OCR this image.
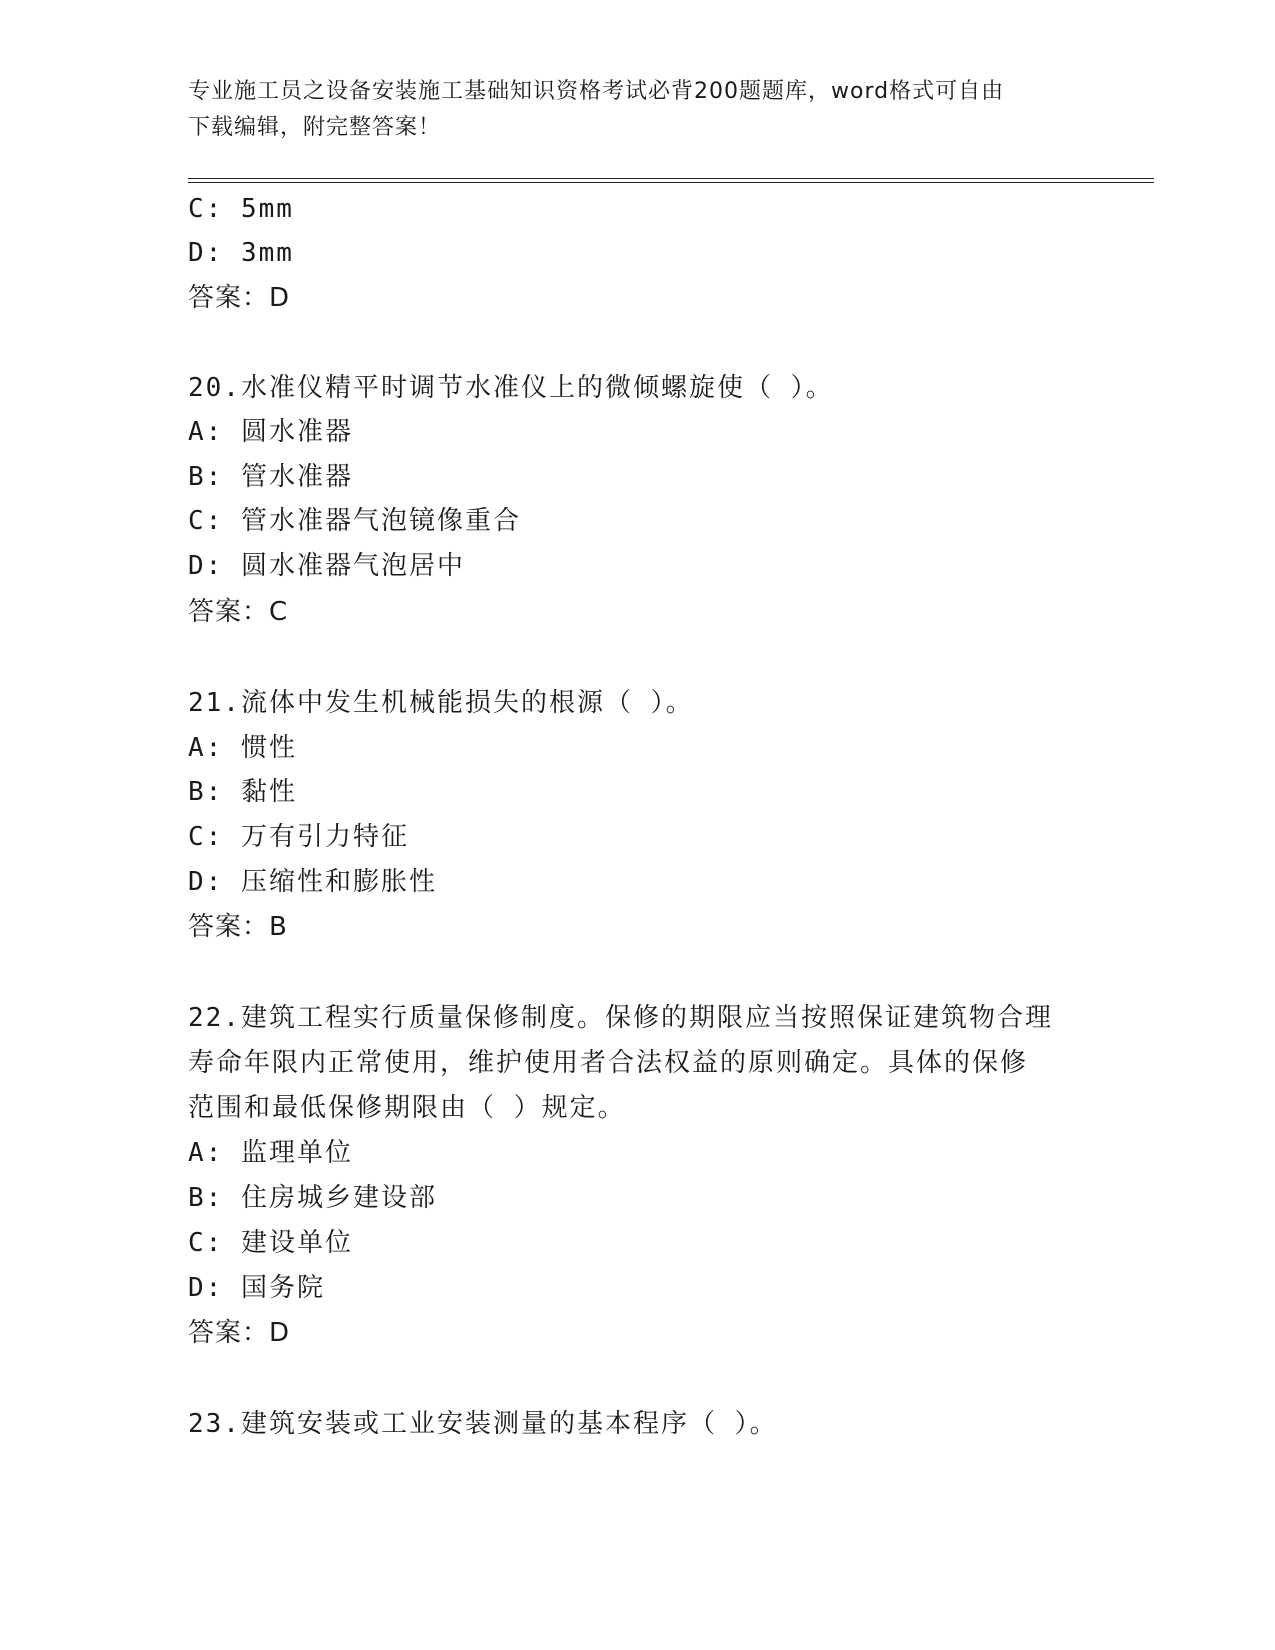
专业施工员之设备安装施工基础知识资格考试必背200题题库，word格式可自由
下载编辑，附完整答案！
C: 5mm
D: 3mm
答案：D
20.水准仪精平时调节水准仪上的微倾螺旋使（ ）。
A: 圆水准器
B: 管水准器
C: 管水准器气泡镜像重合
D: 圆水准器气泡居中
答案：C
21.流体中发生机械能损失的根源（ ）。
A: 惯性
B: 黏性
C: 万有引力特征
D: 压缩性和膨胀性
答案：B
22.建筑工程实行质量保修制度。保修的期限应当按照保证建筑物合理
寿命年限内正常使用，维护使用者合法权益的原则确定。具体的保修
范围和最低保修期限由（ ）规定。
A: 监理单位
B: 住房城乡建设部
C: 建设单位
D: 国务院
答案：D
23.建筑安装或工业安装测量的基本程序（ ）。
